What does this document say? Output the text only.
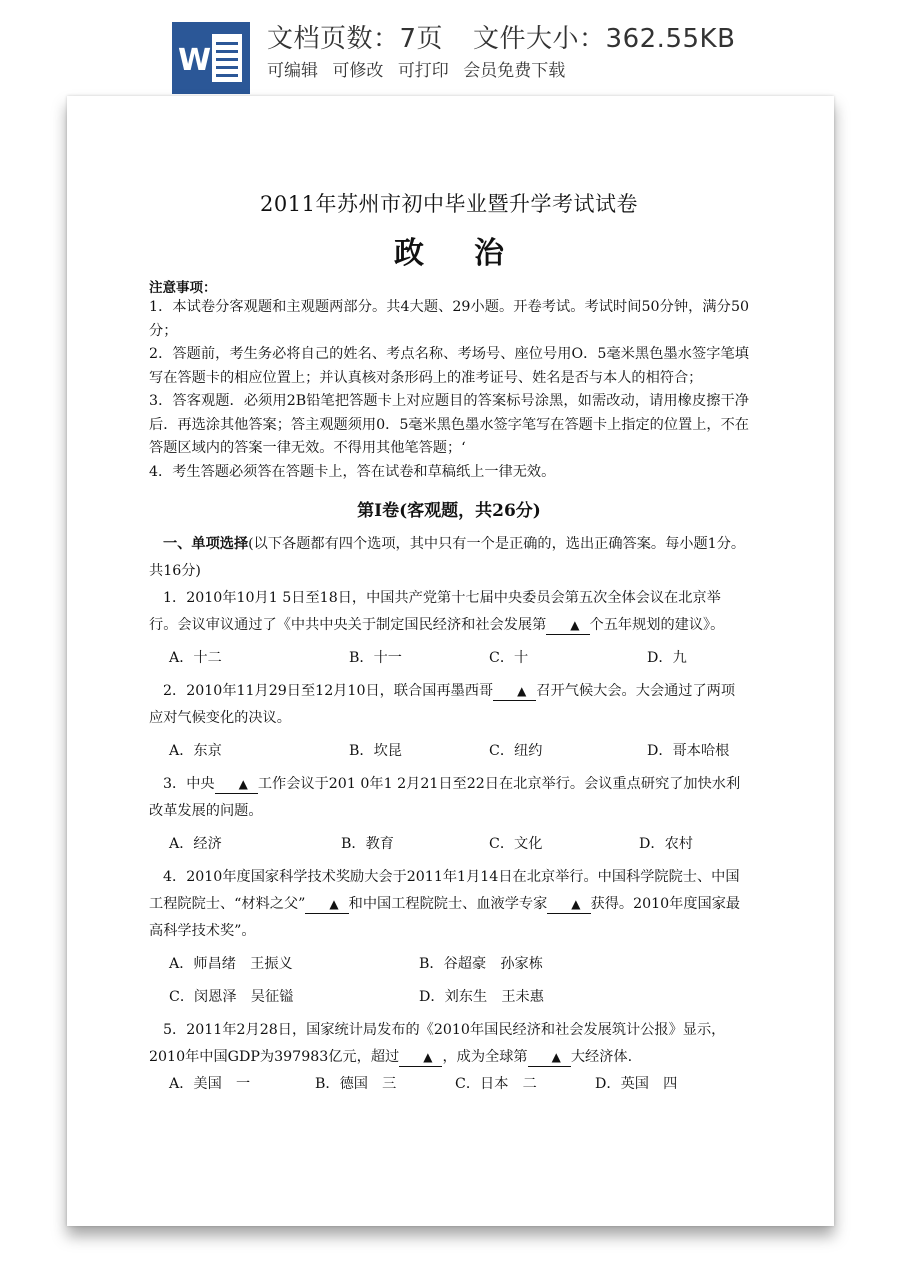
W
文档页数：7页 文件大小：362.55KB
可编辑 可修改 可打印 会员免费下载
2011年苏州市初中毕业暨升学考试试卷
政治
注意事项：
1．本试卷分客观题和主观题两部分。共4大题、29小题。开卷考试。考试时间50分钟，满分50分；
2．答题前，考生务必将自己的姓名、考点名称、考场号、座位号用O．5毫米黑色墨水签字笔填写在答题卡的相应位置上；并认真核对条形码上的准考证号、姓名是否与本人的相符合；
3．答客观题．必须用2B铅笔把答题卡上对应题目的答案标号涂黑，如需改动，请用橡皮擦干净后．再选涂其他答案；答主观题须用0．5毫米黑色墨水签字笔写在答题卡上指定的位置上，不在答题区域内的答案一律无效。不得用其他笔答题；‘
4．考生答题必须答在答题卡上，答在试卷和草稿纸上一律无效。
第Ⅰ卷(客观题，共26分)
一、单项选择(以下各题都有四个选项，其中只有一个是正确的，选出正确答案。每小题1分。共16分)
1．2010年10月1 5日至18日，中国共产党第十七届中央委员会第五次全体会议在北京举行。会议审议通过了《中共中央关于制定国民经济和社会发展第 ▲ 个五年规划的建议》。
A．十二	B．十一	C．十	D．九
2．2010年11月29日至12月10日，联合国再墨西哥 ▲ 召开气候大会。大会通过了两项应对气候变化的决议。
A．东京	B．坎昆	C．纽约	D．哥本哈根
3．中央 ▲ 工作会议于201 0年1 2月21日至22日在北京举行。会议重点研究了加快水利改革发展的问题。
A．经济	B．教育	C．文化	D．农村
4．2010年度国家科学技术奖励大会于2011年1月14日在北京举行。中国科学院院士、中国工程院院士、“材料之父” ▲ 和中国工程院院士、血液学专家 ▲ 获得。2010年度国家最高科学技术奖”。
A．师昌绪　王振义	B．谷超豪　孙家栋
C．闵恩泽　吴征镒	D．刘东生　王未惠
5．2011年2月28日，国家统计局发布的《2010年国民经济和社会发展筑计公报》显示，2010年中国GDP为397983亿元，超过 ▲ ，成为全球第 ▲ 大经济体.
A．美国　一	B．德国　三	C．日本　二	D．英国　四
